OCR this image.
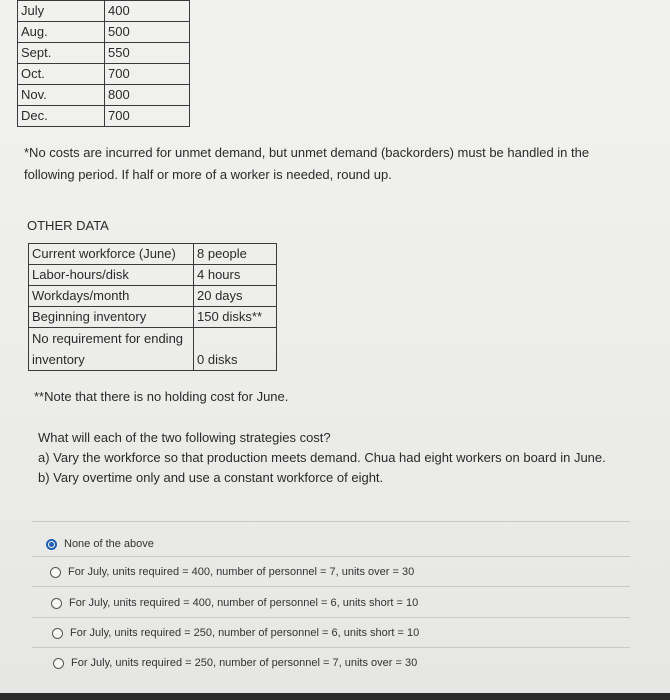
July	400
Aug.	500
Sept.	550
Oct.	700
Nov.	800
Dec.	700
*No costs are incurred for unmet demand, but unmet demand (backorders) must be handled in the following period. If half or more of a worker is needed, round up.
OTHER DATA
Current workforce (June)	8 people
Labor-hours/disk	4 hours
Workdays/month	20 days
Beginning inventory	150 disks**
No requirement for ending inventory	0 disks
**Note that there is no holding cost for June.
What will each of the two following strategies cost?
a) Vary the workforce so that production meets demand. Chua had eight workers on board in June.
b) Vary overtime only and use a constant workforce of eight.
None of the above
For July, units required = 400, number of personnel = 7, units over = 30
For July, units required = 400, number of personnel = 6, units short = 10
For July, units required = 250, number of personnel = 6, units short = 10
For July, units required = 250, number of personnel = 7, units over = 30
